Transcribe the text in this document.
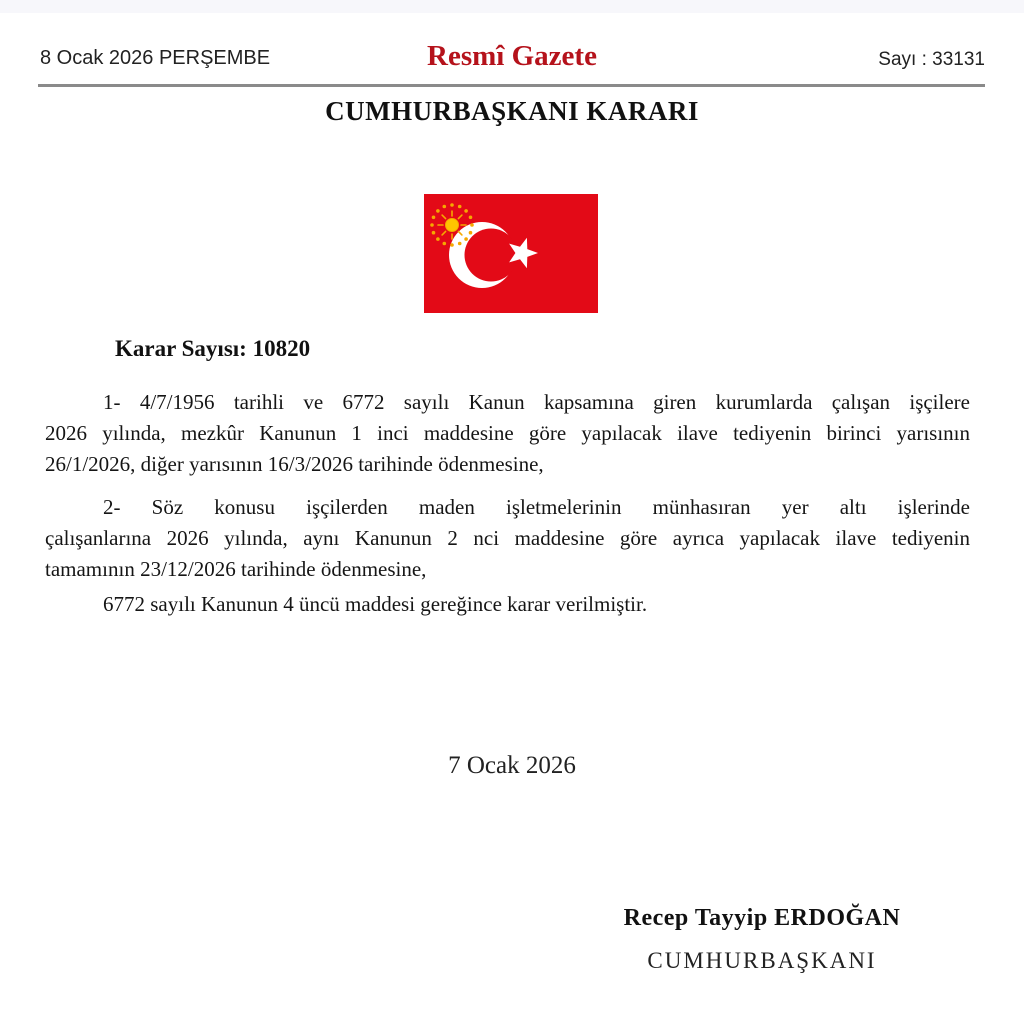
8 Ocak 2026 PERŞEMBE	Resmî Gazete	Sayı : 33131
CUMHURBAŞKANI KARARI
Karar Sayısı: 10820
1- 4/7/1956 tarihli ve 6772 sayılı Kanun kapsamına giren kurumlarda çalışan işçilere
2026 yılında, mezkûr Kanunun 1 inci maddesine göre yapılacak ilave tediyenin birinci yarısının
26/1/2026, diğer yarısının 16/3/2026 tarihinde ödenmesine,
2- Söz konusu işçilerden maden işletmelerinin münhasıran yer altı işlerinde
çalışanlarına 2026 yılında, aynı Kanunun 2 nci maddesine göre ayrıca yapılacak ilave tediyenin
tamamının 23/12/2026 tarihinde ödenmesine,
6772 sayılı Kanunun 4 üncü maddesi gereğince karar verilmiştir.
7 Ocak 2026
Recep Tayyip ERDOĞAN
CUMHURBAŞKANI
